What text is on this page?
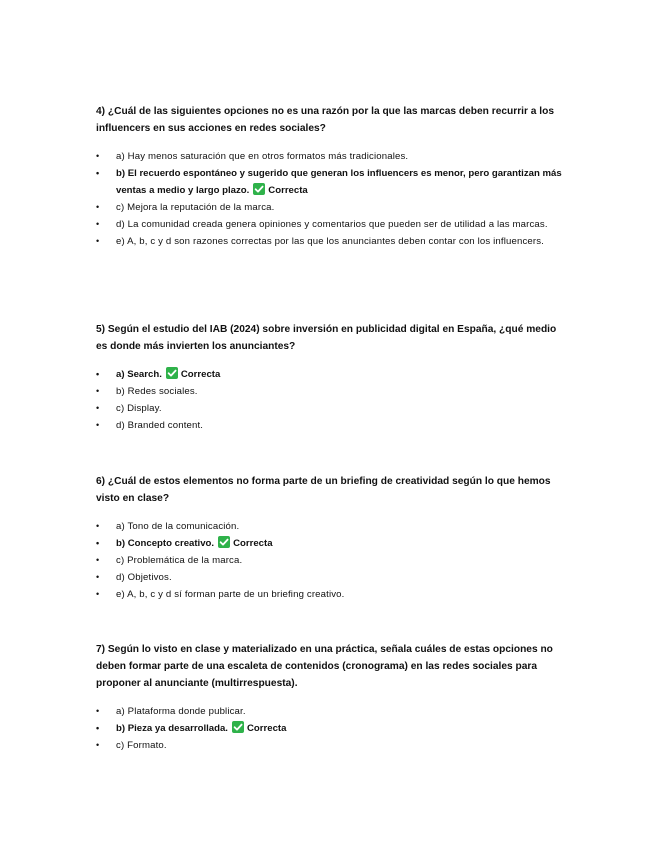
4) ¿Cuál de las siguientes opciones no es una razón por la que las marcas deben recurrir a los influencers en sus acciones en redes sociales?

• a) Hay menos saturación que en otros formatos más tradicionales.
• b) El recuerdo espontáneo y sugerido que generan los influencers es menor, pero garantizan más ventas a medio y largo plazo. Correcta
• c) Mejora la reputación de la marca.
• d) La comunidad creada genera opiniones y comentarios que pueden ser de utilidad a las marcas.
• e) A, b, c y d son razones correctas por las que los anunciantes deben contar con los influencers.

5) Según el estudio del IAB (2024) sobre inversión en publicidad digital en España, ¿qué medio es donde más invierten los anunciantes?

• a) Search. Correcta
• b) Redes sociales.
• c) Display.
• d) Branded content.

6) ¿Cuál de estos elementos no forma parte de un briefing de creatividad según lo que hemos visto en clase?

• a) Tono de la comunicación.
• b) Concepto creativo. Correcta
• c) Problemática de la marca.
• d) Objetivos.
• e) A, b, c y d sí forman parte de un briefing creativo.

7) Según lo visto en clase y materializado en una práctica, señala cuáles de estas opciones no deben formar parte de una escaleta de contenidos (cronograma) en las redes sociales para proponer al anunciante (multirrespuesta).

• a) Plataforma donde publicar.
• b) Pieza ya desarrollada. Correcta
• c) Formato.
